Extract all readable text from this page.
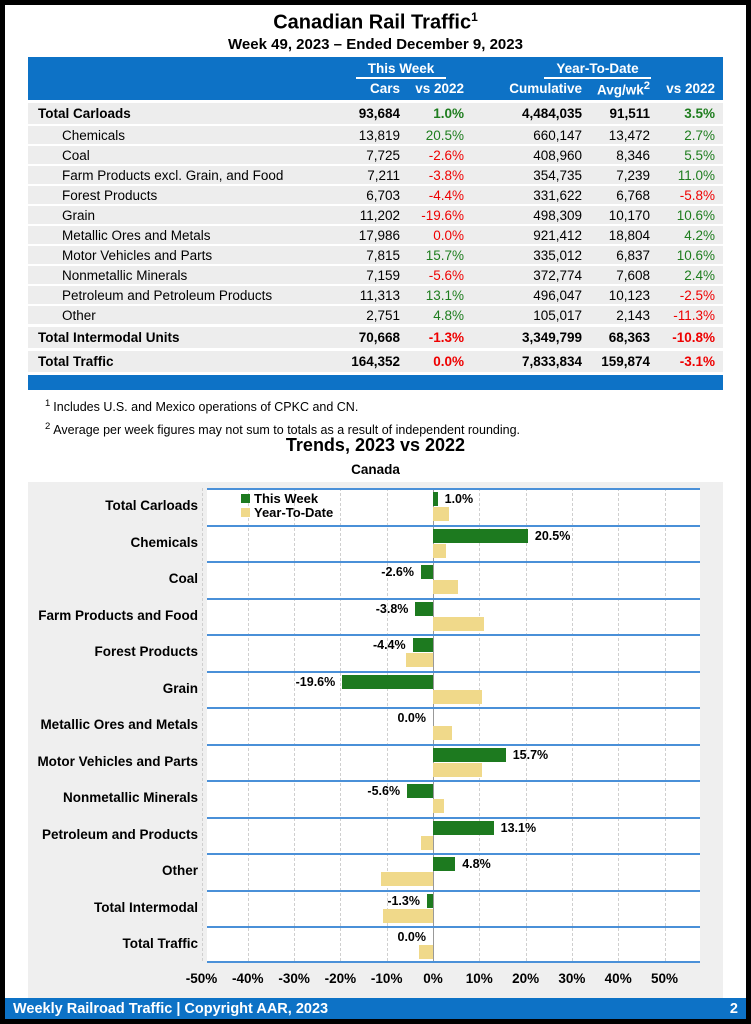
Canadian Rail Traffic$^1$
Week 49, 2023 – Ended December 9, 2023
This Week	Year-To-Date
Cars	vs 2022	Cumulative	Avg/$wk^2$	vs 2022
Total Carloads	93,684	1.0%	4,484,035	91,511	3.5%
Chemicals	13,819	20.5%	660,147	13,472	2.7%
Coal	7,725	-2.6%	408,960	8,346	5.5%
Farm Products excl. Grain, and Food	7,211	-3.8%	354,735	7,239	11.0%
Forest Products	6,703	-4.4%	331,622	6,768	-5.8%
Grain	11,202	-19.6%	498,309	10,170	10.6%
Metallic Ores and Metals	17,986	0.0%	921,412	18,804	4.2%
Motor Vehicles and Parts	7,815	15.7%	335,012	6,837	10.6%
Nonmetallic Minerals	7,159	-5.6%	372,774	7,608	2.4%
Petroleum and Petroleum Products	11,313	13.1%	496,047	10,123	-2.5%
Other	2,751	4.8%	105,017	2,143	-11.3%
Total Intermodal Units	70,668	-1.3%	3,349,799	68,363	-10.8%
Total Traffic	164,352	0.0%	7,833,834	159,874	-3.1%
$^1$ Includes U.S. and Mexico operations of CPKC and CN.
$^2$ Average per week figures may not sum to totals as a result of independent rounding.
Trends, 2023 vs 2022
Canada
This Week
Year-To-Date
1.0%
20.5%
-2.6%
-3.8%
-4.4%
-19.6%
0.0%
15.7%
-5.6%
13.1%
4.8%
-1.3%
0.0%
-50% -40% -30% -20% -10% 0% 10% 20% 30% 40% 50%
Total Carloads
Chemicals
Coal
Farm Products and Food
Forest Products
Grain
Metallic Ores and Metals
Motor Vehicles and Parts
Nonmetallic Minerals
Petroleum and Products
Other
Total Intermodal
Total Traffic
Weekly Railroad Traffic | Copyright AAR, 2023	2
